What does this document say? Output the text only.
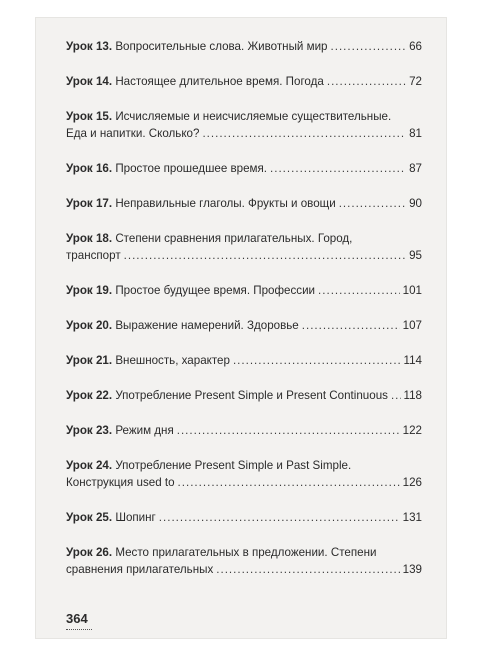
Урок 13. Вопросительные слова. Животный мир .....	66
Урок 14. Настоящее длительное время. Погода .....	72
Урок 15. Исчисляемые и неисчисляемые существительные.
Еда и напитки. Сколько? .....	81
Урок 16. Простое прошедшее время. .....	87
Урок 17. Неправильные глаголы. Фрукты и овощи .....	90
Урок 18. Степени сравнения прилагательных. Город,
транспорт .....	95
Урок 19. Простое будущее время. Профессии .....	101
Урок 20. Выражение намерений. Здоровье .....	107
Урок 21. Внешность, характер .....	114
Урок 22. Употребление Present Simple и Present Continuous ..... 118
Урок 23. Режим дня .....	122
Урок 24. Употребление Present Simple и Past Simple.
Конструкция used to .....	126
Урок 25. Шопинг .....	131
Урок 26. Место прилагательных в предложении. Степени
сравнения прилагательных .....	139
364
